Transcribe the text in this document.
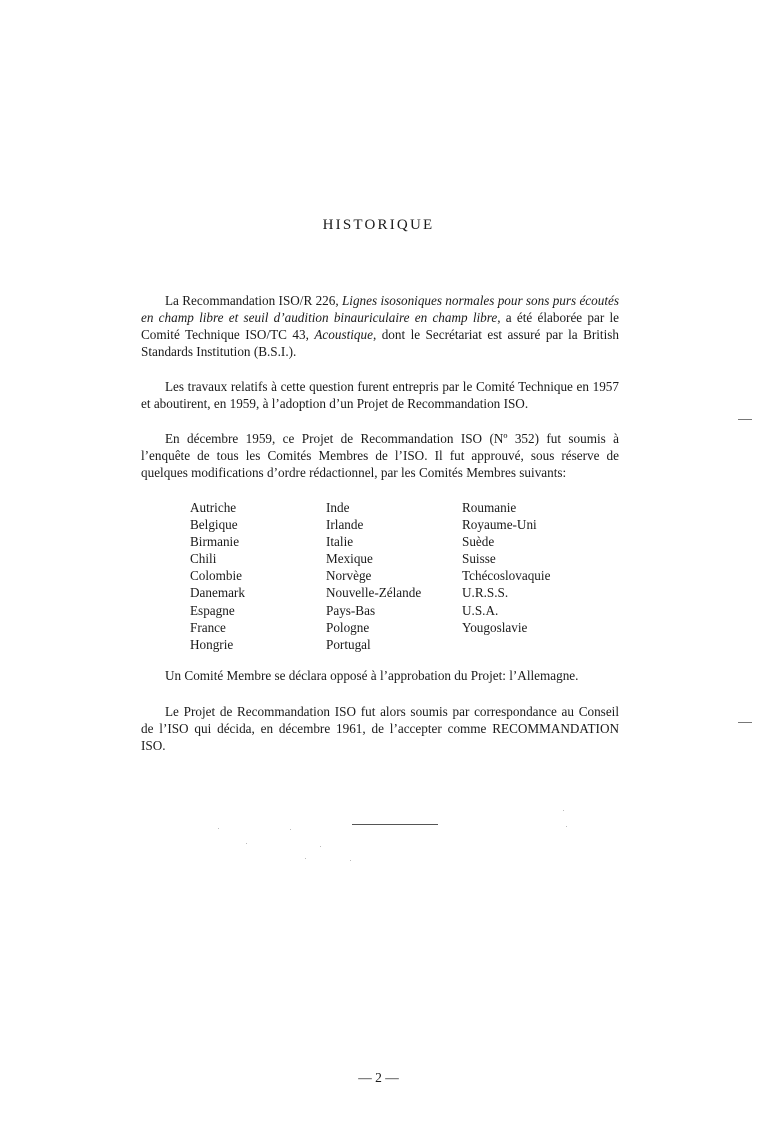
HISTORIQUE

La Recommandation ISO/R 226, Lignes isosoniques normales pour sons purs écoutés en champ libre et seuil d’audition binauriculaire en champ libre, a été élaborée par le Comité Technique ISO/TC 43, Acoustique, dont le Secrétariat est assuré par la British Standards Institution (B.S.I.).

Les travaux relatifs à cette question furent entrepris par le Comité Technique en 1957 et aboutirent, en 1959, à l’adoption d’un Projet de Recommandation ISO.

En décembre 1959, ce Projet de Recommandation ISO (Nº 352) fut soumis à l’enquête de tous les Comités Membres de l’ISO. Il fut approuvé, sous réserve de quelques modifications d’ordre rédactionnel, par les Comités Membres suivants:

Autriche
Belgique
Birmanie
Chili
Colombie
Danemark
Espagne
France
Hongrie
Inde
Irlande
Italie
Mexique
Norvège
Nouvelle-Zélande
Pays-Bas
Pologne
Portugal
Roumanie
Royaume-Uni
Suède
Suisse
Tchécoslovaquie
U.R.S.S.
U.S.A.
Yougoslavie

Un Comité Membre se déclara opposé à l’approbation du Projet: l’Allemagne.

Le Projet de Recommandation ISO fut alors soumis par correspondance au Conseil de l’ISO qui décida, en décembre 1961, de l’accepter comme RECOMMANDATION ISO.

— 2 —
